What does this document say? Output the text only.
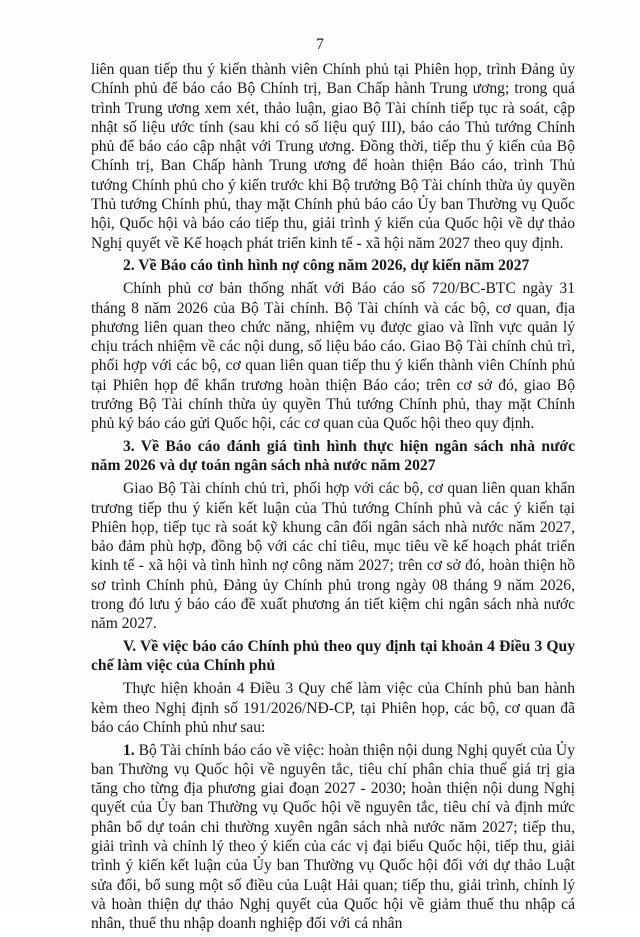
7

liên quan tiếp thu ý kiến thành viên Chính phủ tại Phiên họp, trình Đảng ủy Chính phủ để báo cáo Bộ Chính trị, Ban Chấp hành Trung ương; trong quá trình Trung ương xem xét, thảo luận, giao Bộ Tài chính tiếp tục rà soát, cập nhật số liệu ước tính (sau khi có số liệu quý III), báo cáo Thủ tướng Chính phủ để báo cáo cập nhật với Trung ương. Đồng thời, tiếp thu ý kiến của Bộ Chính trị, Ban Chấp hành Trung ương để hoàn thiện Báo cáo, trình Thủ tướng Chính phủ cho ý kiến trước khi Bộ trưởng Bộ Tài chính thừa ủy quyền Thủ tướng Chính phủ, thay mặt Chính phủ báo cáo Ủy ban Thường vụ Quốc hội, Quốc hội và báo cáo tiếp thu, giải trình ý kiến của Quốc hội về dự thảo Nghị quyết về Kế hoạch phát triển kinh tế - xã hội năm 2027 theo quy định.

2. Về Báo cáo tình hình nợ công năm 2026, dự kiến năm 2027

Chính phủ cơ bản thống nhất với Báo cáo số 720/BC-BTC ngày 31 tháng 8 năm 2026 của Bộ Tài chính. Bộ Tài chính và các bộ, cơ quan, địa phương liên quan theo chức năng, nhiệm vụ được giao và lĩnh vực quản lý chịu trách nhiệm về các nội dung, số liệu báo cáo. Giao Bộ Tài chính chủ trì, phối hợp với các bộ, cơ quan liên quan tiếp thu ý kiến thành viên Chính phủ tại Phiên họp để khẩn trương hoàn thiện Báo cáo; trên cơ sở đó, giao Bộ trưởng Bộ Tài chính thừa ủy quyền Thủ tướng Chính phủ, thay mặt Chính phủ ký báo cáo gửi Quốc hội, các cơ quan của Quốc hội theo quy định.

3. Về Báo cáo đánh giá tình hình thực hiện ngân sách nhà nước năm 2026 và dự toán ngân sách nhà nước năm 2027

Giao Bộ Tài chính chủ trì, phối hợp với các bộ, cơ quan liên quan khẩn trương tiếp thu ý kiến kết luận của Thủ tướng Chính phủ và các ý kiến tại Phiên họp, tiếp tục rà soát kỹ khung cân đối ngân sách nhà nước năm 2027, bảo đảm phù hợp, đồng bộ với các chỉ tiêu, mục tiêu về kế hoạch phát triển kinh tế - xã hội và tình hình nợ công năm 2027; trên cơ sở đó, hoàn thiện hồ sơ trình Chính phủ, Đảng ủy Chính phủ trong ngày 08 tháng 9 năm 2026, trong đó lưu ý báo cáo đề xuất phương án tiết kiệm chi ngân sách nhà nước năm 2027.

V. Về việc báo cáo Chính phủ theo quy định tại khoản 4 Điều 3 Quy chế làm việc của Chính phủ

Thực hiện khoản 4 Điều 3 Quy chế làm việc của Chính phủ ban hành kèm theo Nghị định số 191/2026/NĐ-CP, tại Phiên họp, các bộ, cơ quan đã báo cáo Chính phủ như sau:

1. Bộ Tài chính báo cáo về việc: hoàn thiện nội dung Nghị quyết của Ủy ban Thường vụ Quốc hội về nguyên tắc, tiêu chí phân chia thuế giá trị gia tăng cho từng địa phương giai đoạn 2027 - 2030; hoàn thiện nội dung Nghị quyết của Ủy ban Thường vụ Quốc hội về nguyên tắc, tiêu chí và định mức phân bổ dự toán chi thường xuyên ngân sách nhà nước năm 2027; tiếp thu, giải trình và chỉnh lý theo ý kiến của các vị đại biểu Quốc hội, tiếp thu, giải trình ý kiến kết luận của Ủy ban Thường vụ Quốc hội đối với dự thảo Luật sửa đổi, bổ sung một số điều của Luật Hải quan; tiếp thu, giải trình, chỉnh lý và hoàn thiện dự thảo Nghị quyết của Quốc hội về giảm thuế thu nhập cá nhân, thuế thu nhập doanh nghiệp đối với cá nhân
